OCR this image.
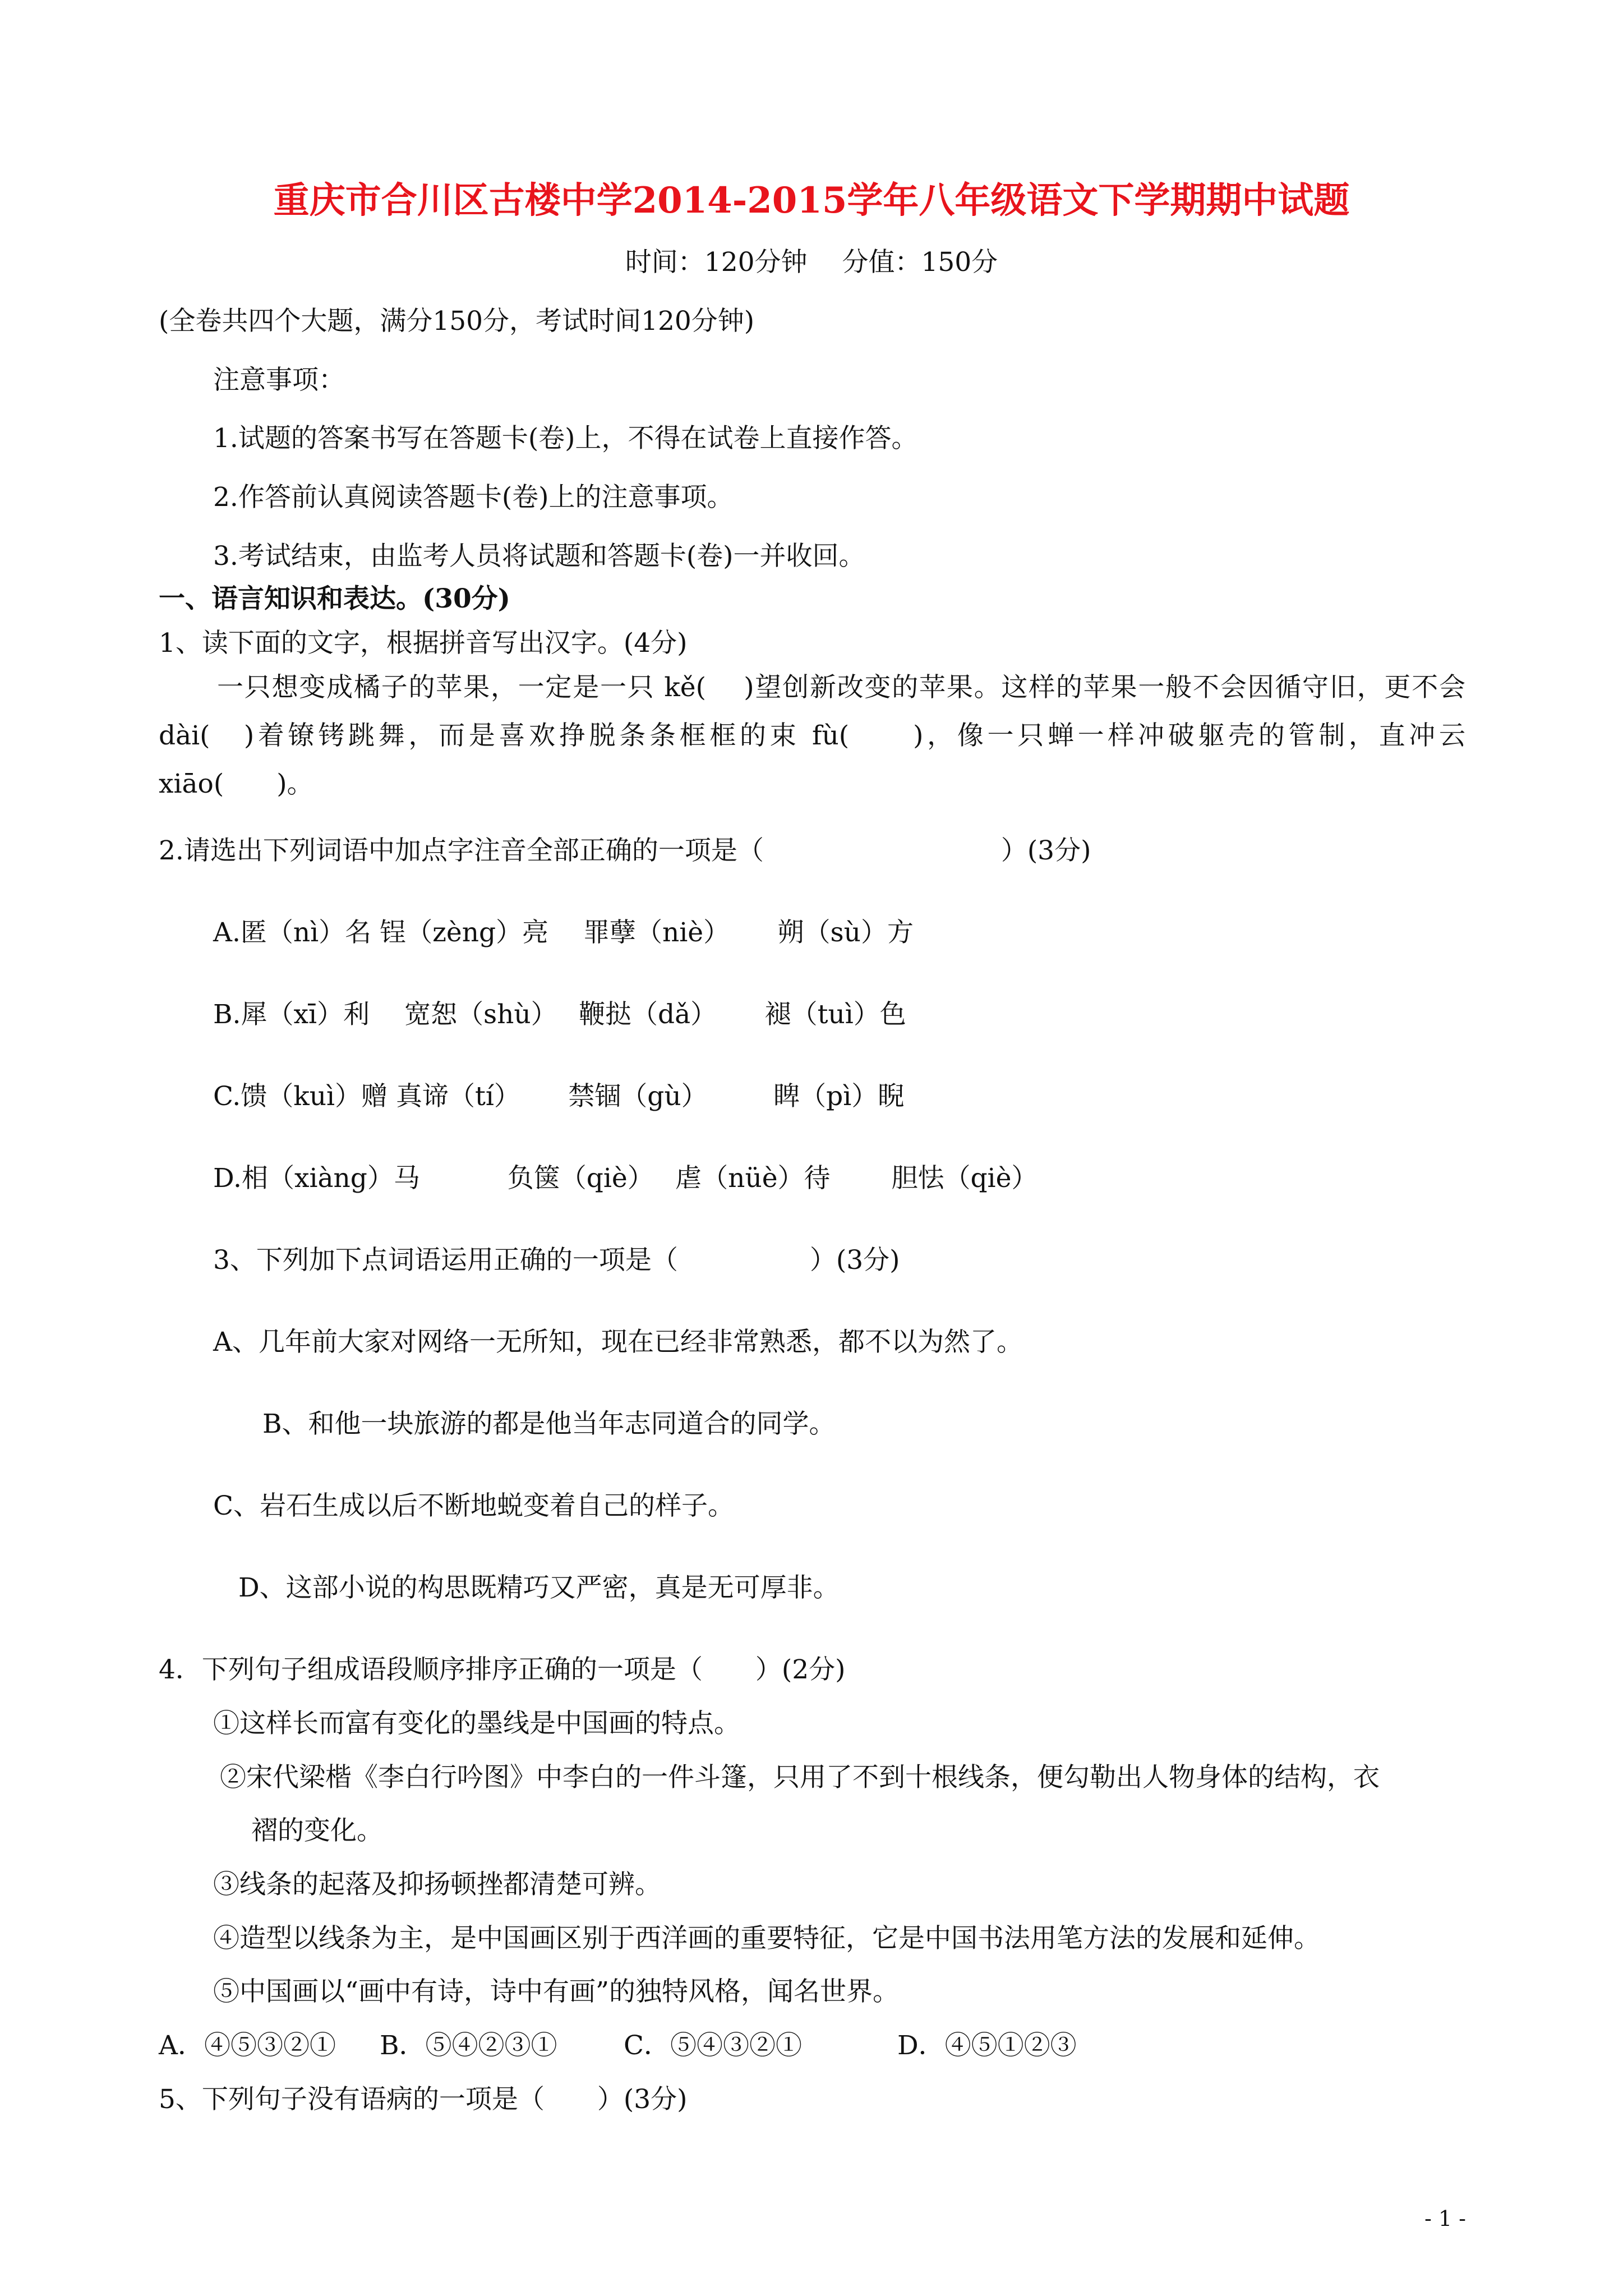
重庆市合川区古楼中学2014-2015学年八年级语文下学期期中试题
时间：120分钟　 分值：150分
(全卷共四个大题，满分150分，考试时间120分钟)
注意事项：
1.试题的答案书写在答题卡(卷)上，不得在试卷上直接作答。
2.作答前认真阅读答题卡(卷)上的注意事项。
3.考试结束，由监考人员将试题和答题卡(卷)一并收回。
一、语言知识和表达。(30分)
1、读下面的文字，根据拼音写出汉字。(4分)
一只想变成橘子的苹果，一定是一只 kě(　 )望创新改变的苹果。这样的苹果一般不会因循守旧，更不会 dài(　)着镣铐跳舞，而是喜欢挣脱条条框框的束 fù(　　)，像一只蝉一样冲破躯壳的管制，直冲云 xiāo(　　)。
2.请选出下列词语中加点字注音全部正确的一项是（　　　　　　　　　）(3分)
A.匿（nì）名 锃（zèng）亮　 罪孽（niè）　　 朔（sù）方
B.犀（xī）利　 宽恕（shù）　 鞭挞（dǎ）　　 褪（tuì）色
C.馈（kuì）赠 真谛（tí）　　 禁锢（gù）　　　睥（pì）睨
D.相（xiàng）马　　　 负箧（qiè）　 虐（nüè）待　　 胆怯（qiè）
3、下列加下点词语运用正确的一项是（　　　　　）(3分)
A、几年前大家对网络一无所知，现在已经非常熟悉，都不以为然了。
B、和他一块旅游的都是他当年志同道合的同学。
C、岩石生成以后不断地蜕变着自己的样子。
D、这部小说的构思既精巧又严密，真是无可厚非。
4．下列句子组成语段顺序排序正确的一项是（　　）(2分)
①这样长而富有变化的墨线是中国画的特点。
②宋代梁楷《李白行吟图》中李白的一件斗篷，只用了不到十根线条，便勾勒出人物身体的结构，衣
褶的变化。
③线条的起落及抑扬顿挫都清楚可辨。
④造型以线条为主，是中国画区别于西洋画的重要特征，它是中国书法用笔方法的发展和延伸。
⑤中国画以“画中有诗，诗中有画”的独特风格，闻名世界。
A．④⑤③②① B．⑤④②③①	C．⑤④③②①	D．④⑤①②③
5、下列句子没有语病的一项是（　　）(3分)
- 1 -
